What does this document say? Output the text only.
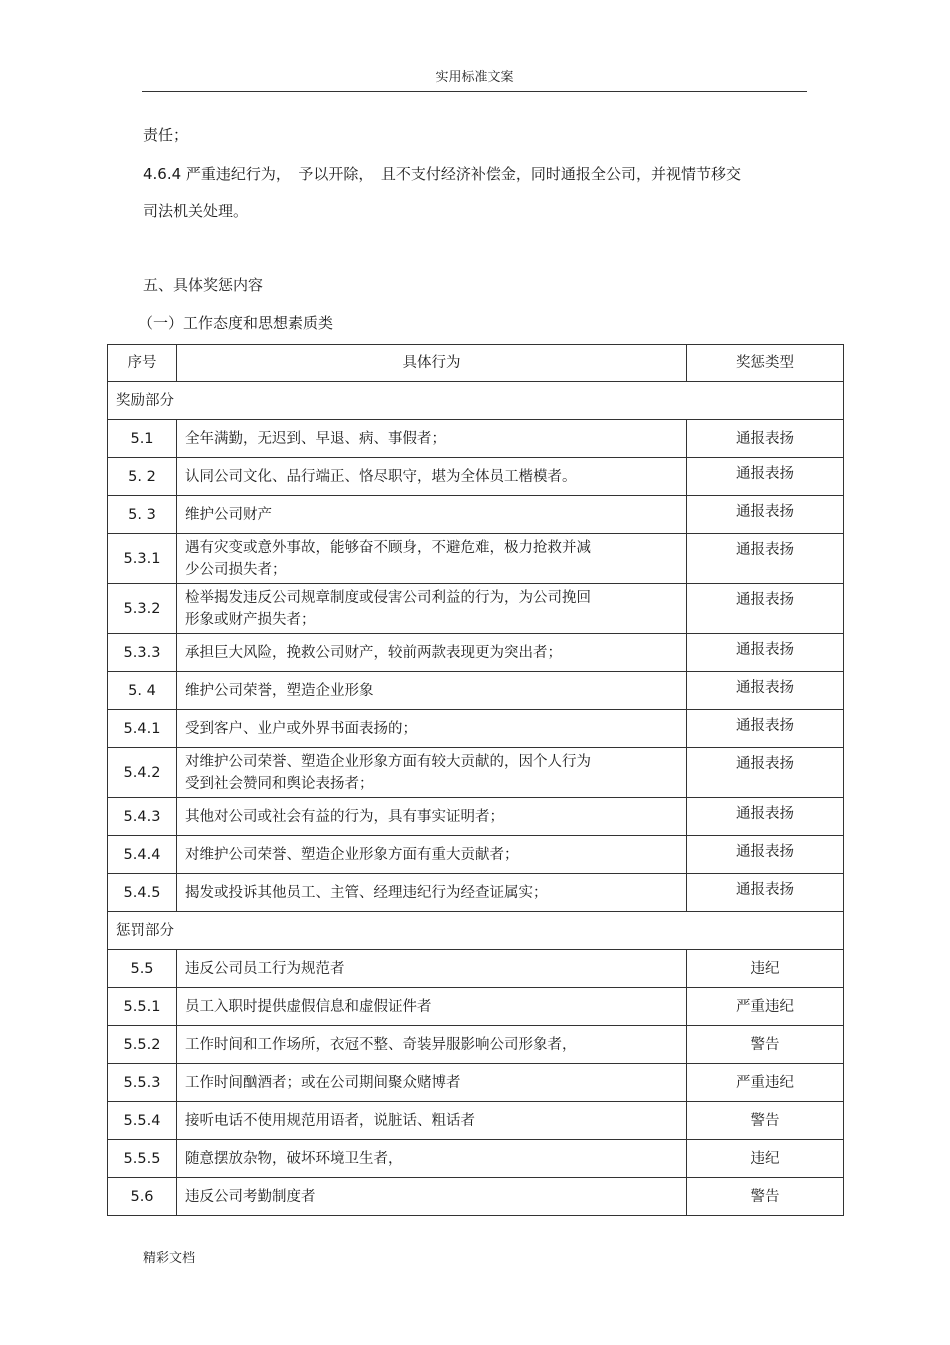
实用标准文案
责任；
4.6.4 严重违纪行为，　予以开除，　且不支付经济补偿金，同时通报全公司，并视情节移交
司法机关处理。
五、具体奖惩内容
（一）工作态度和思想素质类
序号	具体行为	奖惩类型
奖励部分		
5.1	全年满勤，无迟到、早退、病、事假者；	通报表扬
5. 2	认同公司文化、品行端正、恪尽职守，堪为全体员工楷模者。	通报表扬
5. 3	维护公司财产	通报表扬
5.3.1	遇有灾变或意外事故，能够奋不顾身，不避危难，极力抢救并减
少公司损失者；	通报表扬
5.3.2	检举揭发违反公司规章制度或侵害公司利益的行为，为公司挽回
形象或财产损失者；	通报表扬
5.3.3	承担巨大风险，挽救公司财产，较前两款表现更为突出者；	通报表扬
5. 4	维护公司荣誉，塑造企业形象	通报表扬
5.4.1	受到客户、业户或外界书面表扬的；	通报表扬
5.4.2	对维护公司荣誉、塑造企业形象方面有较大贡献的，因个人行为
受到社会赞同和舆论表扬者；	通报表扬
5.4.3	其他对公司或社会有益的行为，具有事实证明者；	通报表扬
5.4.4	对维护公司荣誉、塑造企业形象方面有重大贡献者；	通报表扬
5.4.5	揭发或投诉其他员工、主管、经理违纪行为经查证属实；	通报表扬
惩罚部分		
5.5	违反公司员工行为规范者	违纪
5.5.1	员工入职时提供虚假信息和虚假证件者	严重违纪
5.5.2	工作时间和工作场所，衣冠不整、奇装异服影响公司形象者，	警告
5.5.3	工作时间酗酒者；或在公司期间聚众赌博者	严重违纪
5.5.4	接听电话不使用规范用语者，说脏话、粗话者	警告
5.5.5	随意摆放杂物，破坏环境卫生者，	违纪
5.6	违反公司考勤制度者	警告
精彩文档
